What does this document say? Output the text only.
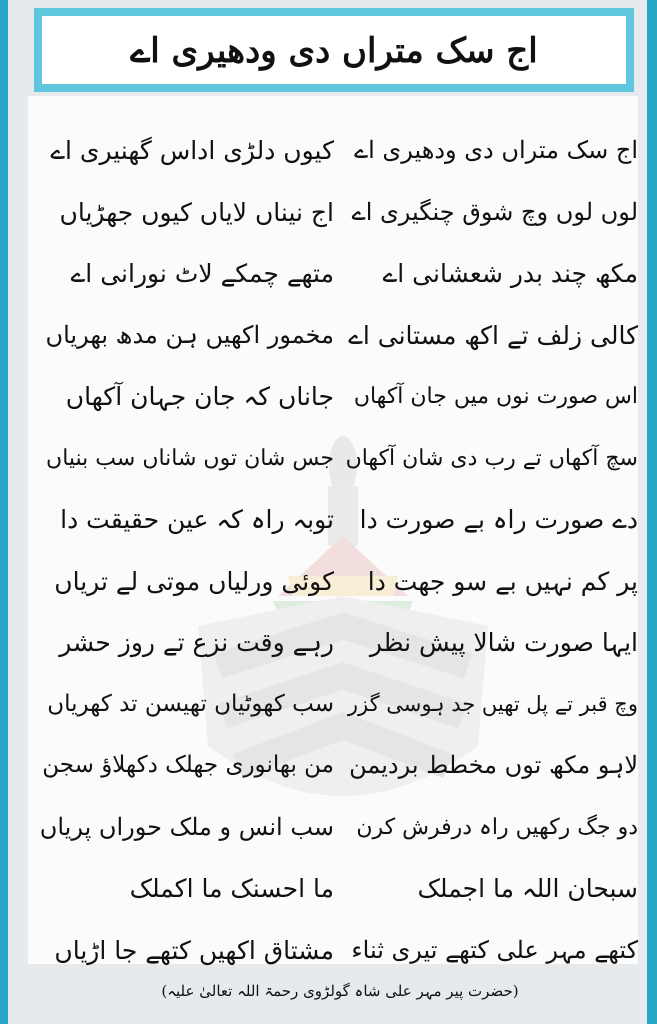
اج سک متراں دی ودھیری اے
اج سک متراں دی ودھیری اے
لوں لوں وچ شوق چنگیری اے
مکھ چند بدر شعشانی اے
کالی زلف تے اکھ مستانی اے
اس صورت نوں میں جان آکھاں
سچ آکھاں تے رب دی شان آکھاں
دے صورت راہ بے صورت دا
پر کم نہیں بے سو جھت دا
ایہا صورت شالا پیش نظر
وچ قبر تے پل تھیں جد ہوسی گزر
لاہو مکھ توں مخطط بردیمن
دو جگ رکھیں راہ درفرش کرن
سبحان اللہ ما اجملک
کتھے مہر علی کتھے تیری ثناء
کیوں دلڑی اداس گھنیری اے
اج نیناں لایاں کیوں جھڑیاں
متھے چمکے لاٹ نورانی اے
مخمور اکھیں ہن مدھ بھریاں
جاناں کہ جان جہان آکھاں
جس شان توں شاناں سب بنیاں
توبہ راہ کہ عین حقیقت دا
کوئی ورلیاں موتی لے تریاں
رہے وقت نزع تے روز حشر
سب کھوٹیاں تھیسن تد کھریاں
من بھانوری جھلک دکھلاؤ سجن
سب انس و ملک حوراں پریاں
ما احسنک ما اکملک
مشتاق اکھیں کتھے جا اڑیاں
(حضرت پیر مہر علی شاہ گولڑوی رحمۃ اللہ تعالیٰ علیہ)
